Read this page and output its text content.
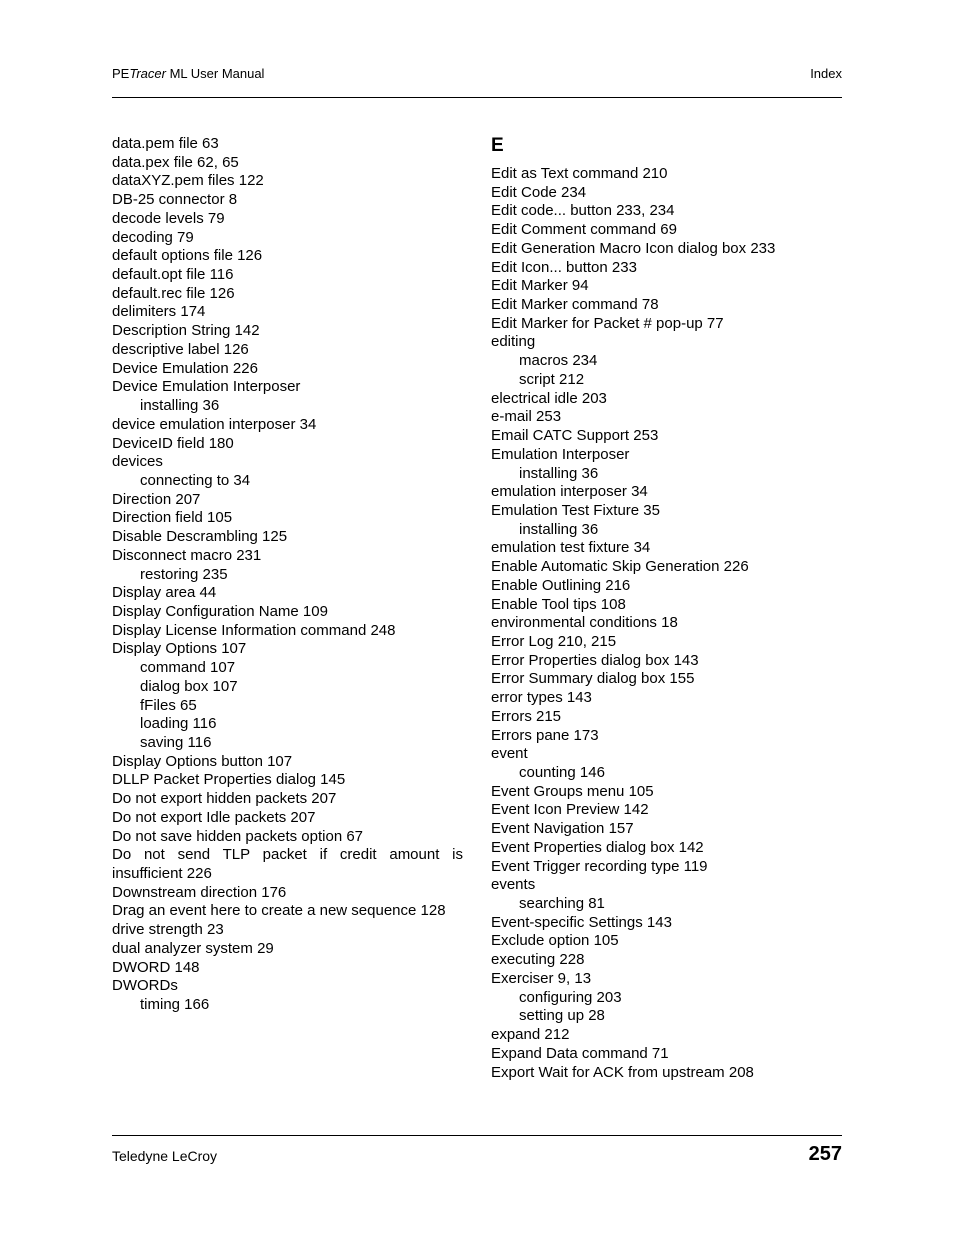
PETracer ML User Manual	Index
data.pem file 63
data.pex file 62, 65
dataXYZ.pem files 122
DB-25 connector 8
decode levels 79
decoding 79
default options file 126
default.opt file 116
default.rec file 126
delimiters 174
Description String 142
descriptive label 126
Device Emulation 226
Device Emulation Interposer
installing 36
device emulation interposer 34
DeviceID field 180
devices
connecting to 34
Direction 207
Direction field 105
Disable Descrambling 125
Disconnect macro 231
restoring 235
Display area 44
Display Configuration Name 109
Display License Information command 248
Display Options 107
command 107
dialog box 107
fFiles 65
loading 116
saving 116
Display Options button 107
DLLP Packet Properties dialog 145
Do not export hidden packets 207
Do not export Idle packets 207
Do not save hidden packets option 67
Do not send TLP packet if credit amount is insufficient 226
Downstream direction 176
Drag an event here to create a new sequence 128
drive strength 23
dual analyzer system 29
DWORD 148
DWORDs
timing 166
E
Edit as Text command 210
Edit Code 234
Edit code... button 233, 234
Edit Comment command 69
Edit Generation Macro Icon dialog box 233
Edit Icon... button 233
Edit Marker 94
Edit Marker command 78
Edit Marker for Packet # pop-up 77
editing
macros 234
script 212
electrical idle 203
e-mail 253
Email CATC Support 253
Emulation Interposer
installing 36
emulation interposer 34
Emulation Test Fixture 35
installing 36
emulation test fixture 34
Enable Automatic Skip Generation 226
Enable Outlining 216
Enable Tool tips 108
environmental conditions 18
Error Log 210, 215
Error Properties dialog box 143
Error Summary dialog box 155
error types 143
Errors 215
Errors pane 173
event
counting 146
Event Groups menu 105
Event Icon Preview 142
Event Navigation 157
Event Properties dialog box 142
Event Trigger recording type 119
events
searching 81
Event-specific Settings 143
Exclude option 105
executing 228
Exerciser 9, 13
configuring 203
setting up 28
expand 212
Expand Data command 71
Export Wait for ACK from upstream 208
Teledyne LeCroy	257
